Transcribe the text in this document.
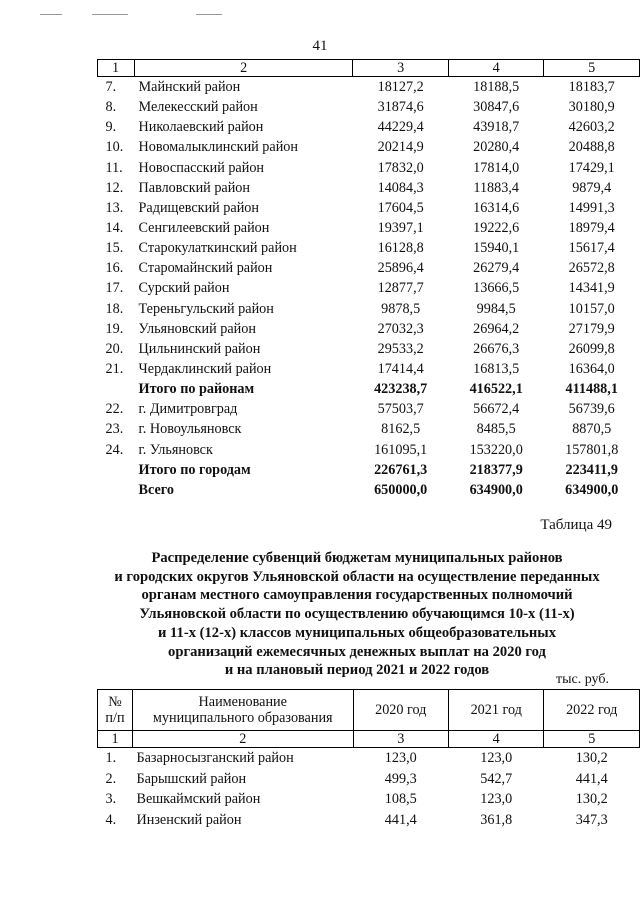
41
1	2	3	4	5
7.	Майнский район	18127,2	18188,5	18183,7
8.	Мелекесский район	31874,6	30847,6	30180,9
9.	Николаевский район	44229,4	43918,7	42603,2
10.	Новомалыклинский район	20214,9	20280,4	20488,8
11.	Новоспасский район	17832,0	17814,0	17429,1
12.	Павловский район	14084,3	11883,4	9879,4
13.	Радищевский район	17604,5	16314,6	14991,3
14.	Сенгилеевский район	19397,1	19222,6	18979,4
15.	Старокулаткинский район	16128,8	15940,1	15617,4
16.	Старомайнский район	25896,4	26279,4	26572,8
17.	Сурский район	12877,7	13666,5	14341,9
18.	Тереньгульский район	9878,5	9984,5	10157,0
19.	Ульяновский район	27032,3	26964,2	27179,9
20.	Цильнинский район	29533,2	26676,3	26099,8
21.	Чердаклинский район	17414,4	16813,5	16364,0
	Итого по районам	423238,7	416522,1	411488,1
22.	г. Димитровград	57503,7	56672,4	56739,6
23.	г. Новоульяновск	8162,5	8485,5	8870,5
24.	г. Ульяновск	161095,1	153220,0	157801,8
	Итого по городам	226761,3	218377,9	223411,9
	Всего	650000,0	634900,0	634900,0
Таблица 49
Распределение субвенций бюджетам муниципальных районов
и городских округов Ульяновской области на осуществление переданных
органам местного самоуправления государственных полномочий
Ульяновской области по осуществлению обучающимся 10-х (11-х)
и 11-х (12-х) классов муниципальных общеобразовательных
организаций ежемесячных денежных выплат на 2020 год
и на плановый период 2021 и 2022 годов
тыс. руб.
№
п/п	Наименование
муниципального образования	2020 год	2021 год	2022 год
1	2	3	4	5
1.	Базарносызганский район	123,0	123,0	130,2
2.	Барышский район	499,3	542,7	441,4
3.	Вешкаймский район	108,5	123,0	130,2
4.	Инзенский район	441,4	361,8	347,3
